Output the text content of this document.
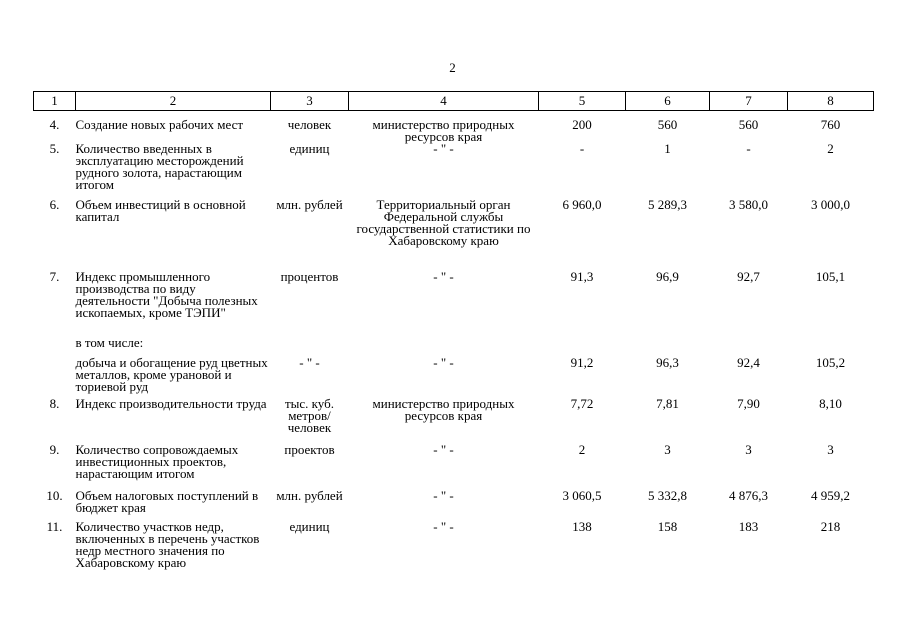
2
1	2	3	4	5	6	7	8
4.	Создание новых рабочих мест	человек	министерство природных ресурсов края	200	560	560	760
5.	Количество введенных в эксплуатацию месторождений рудного золота, нарастающим итогом	единиц	- " -	-	1	-	2
6.	Объем инвестиций в основной капитал	млн. рублей	Территориальный орган Федеральной службы государственной статистики по Хабаровскому краю	6 960,0	5 289,3	3 580,0	3 000,0
7.	Индекс промышленного производства по виду деятельности "Добыча полезных ископаемых, кроме ТЭПИ"	процентов	- " -	91,3	96,9	92,7	105,1
	в том числе:						
	добыча и обогащение руд цветных металлов, кроме урановой и ториевой руд	- " -	- " -	91,2	96,3	92,4	105,2
8.	Индекс производительности труда	тыс. куб. метров/ человек	министерство природных ресурсов края	7,72	7,81	7,90	8,10
9.	Количество сопровождаемых инвестиционных проектов, нарастающим итогом	проектов	- " -	2	3	3	3
10.	Объем налоговых поступлений в бюджет края	млн. рублей	- " -	3 060,5	5 332,8	4 876,3	4 959,2
11.	Количество участков недр, включенных в перечень участков недр местного значения по Хабаровскому краю	единиц	- " -	138	158	183	218
